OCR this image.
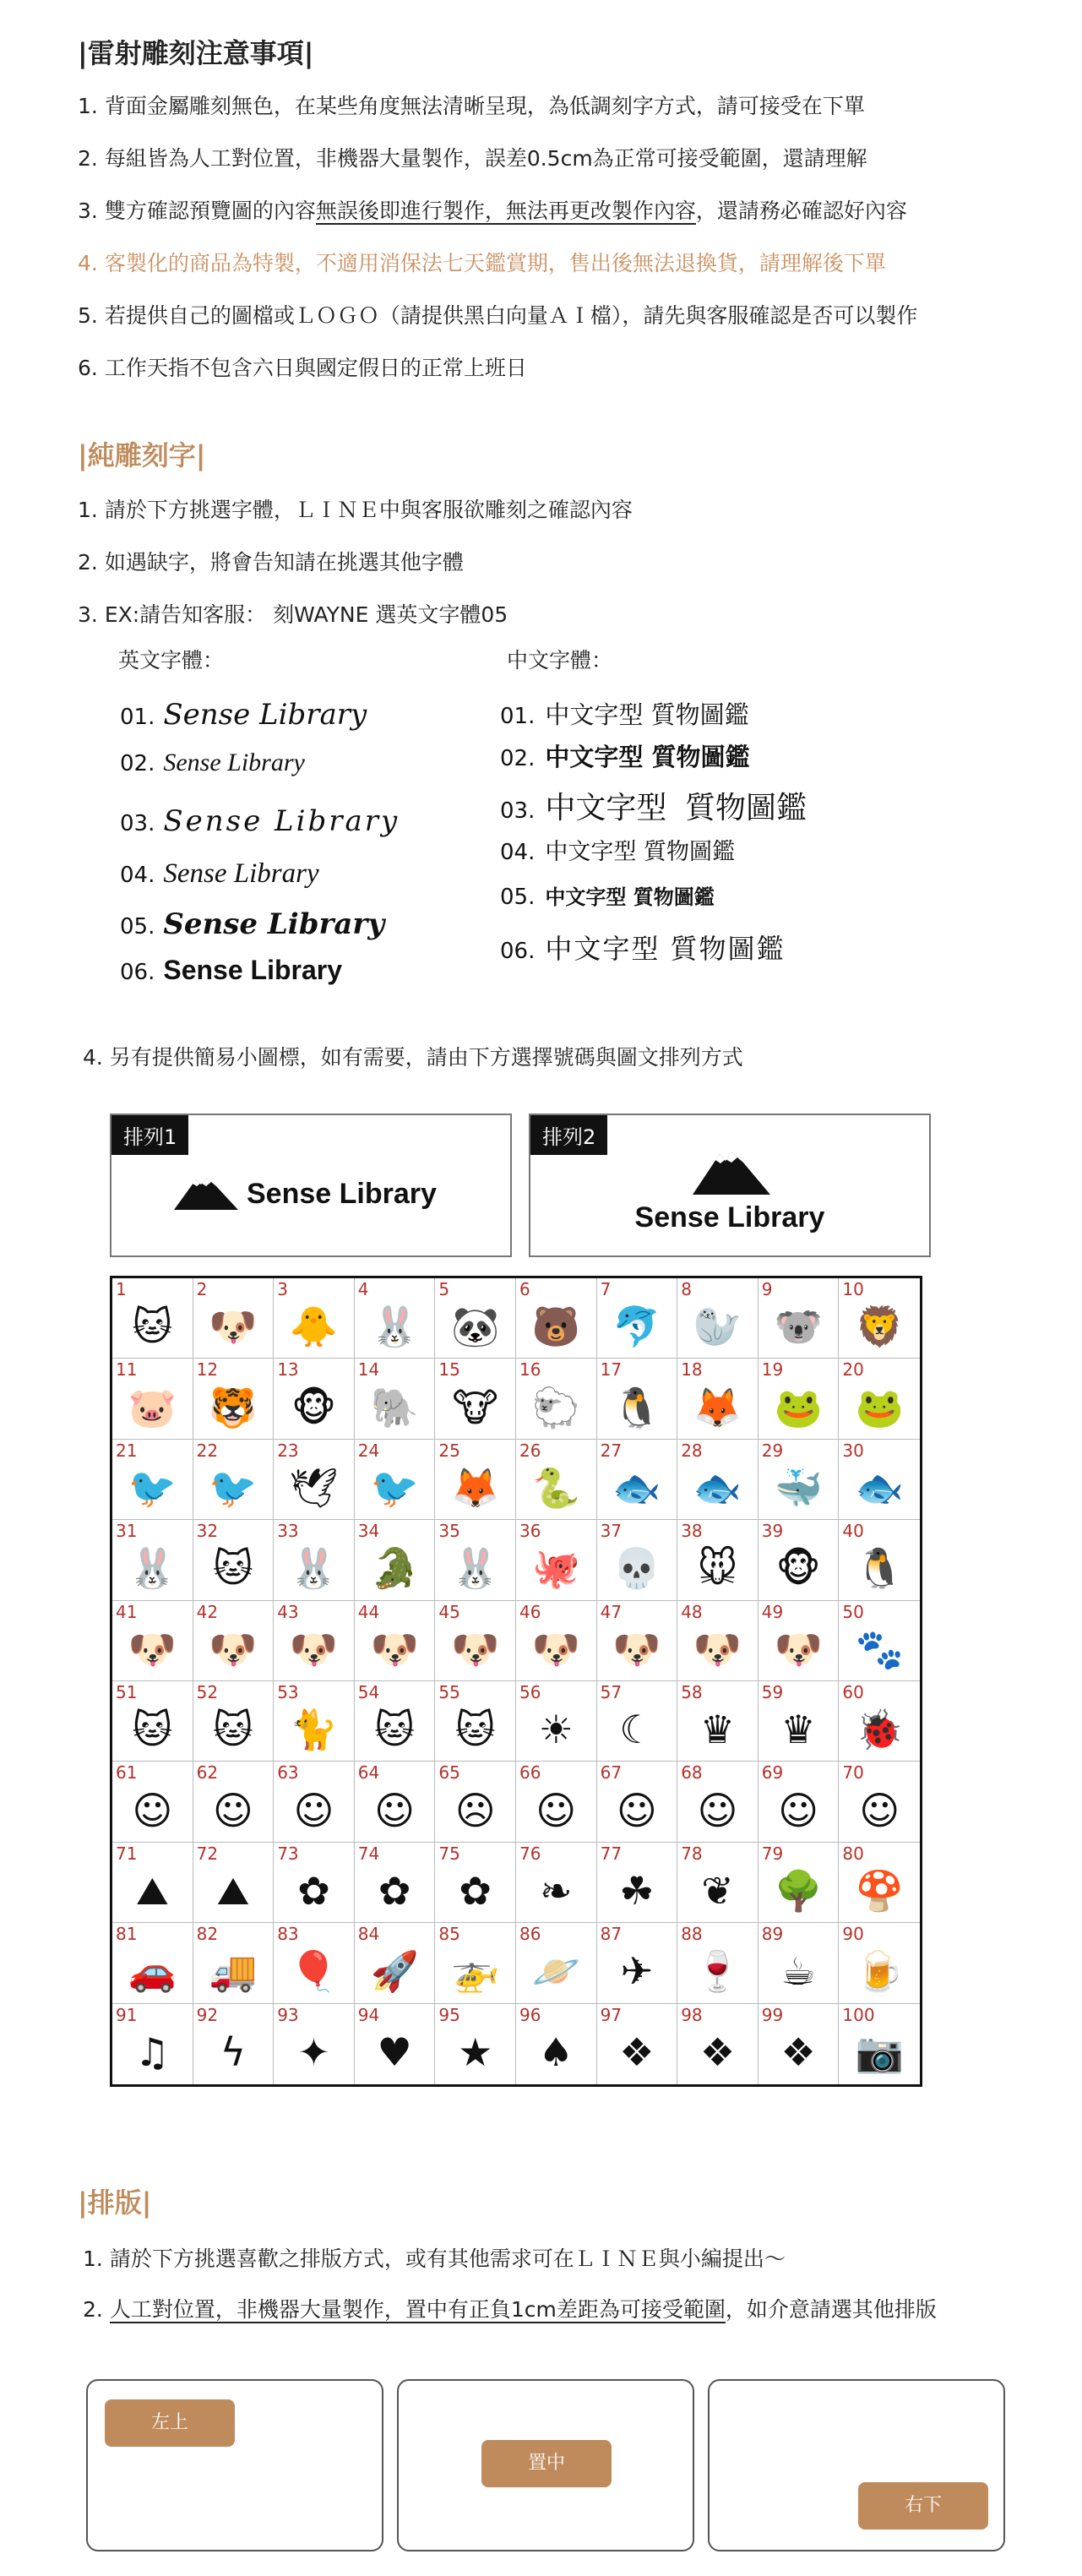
|雷射雕刻注意事項|
1. 背面金屬雕刻無色，在某些角度無法清晰呈現，為低調刻字方式，請可接受在下單
2. 每組皆為人工對位置，非機器大量製作，誤差0.5cm為正常可接受範圍，還請理解
3. 雙方確認預覽圖的內容無誤後即進行製作，無法再更改製作內容，還請務必確認好內容
4. 客製化的商品為特製，不適用消保法七天鑑賞期，售出後無法退換貨，請理解後下單
5. 若提供自己的圖檔或ＬＯＧＯ（請提供黑白向量ＡＩ檔），請先與客服確認是否可以製作
6. 工作天指不包含六日與國定假日的正常上班日
|純雕刻字|
1. 請於下方挑選字體，ＬＩＮＥ中與客服欲雕刻之確認內容
2. 如遇缺字，將會告知請在挑選其他字體
3. EX:請告知客服： 刻WAYNE 選英文字體05
英文字體：	中文字體：
01. Sense Library
02. Sense Library
03. Sense Library
04. Sense Library
05. Sense Library
06. Sense Library
01. 中文字型 質物圖鑑
02. 中文字型 質物圖鑑
03. 中文字型 質物圖鑑
04. 中文字型 質物圖鑑
05. 中文字型 質物圖鑑
06. 中文字型 質物圖鑑
4. 另有提供簡易小圖標，如有需要，請由下方選擇號碼與圖文排列方式
排列1
Sense Library
排列2
Sense Library
1
🐱
2
🐶
3
🐥
4
🐰
5
🐼
6
🐻
7
🐬
8
🦭
9
🐨
10
🦁
11
🐷
12
🐯
13
🐵
14
🐘
15
🐮
16
🐑
17
🐧
18
🦊
19
🐸
20
🐸
21
🐦
22
🐦
23
🕊
24
🐦
25
🦊
26
🐍
27
🐟
28
🐟
29
🐳
30
🐟
31
🐰
32
🐱
33
🐰
34
🐊
35
🐰
36
🐙
37
💀
38
🐭
39
🐵
40
🐧
41
🐶
42
🐶
43
🐶
44
🐶
45
🐶
46
🐶
47
🐶
48
🐶
49
🐶
50
🐾
51
🐱
52
🐱
53
🐈
54
🐱
55
🐱
56
☀
57
☾
58
♛
59
♛
60
🐞
61
☺
62
☺
63
☺
64
☺
65
☹
66
☺
67
☺
68
☺
69
☺
70
☺
71
⛰
72
⛰
73
✿
74
✿
75
✿
76
❧
77
☘
78
❦
79
🌳
80
🍄
81
🚗
82
🚚
83
🎈
84
🚀
85
🚁
86
🪐
87
✈
88
🍷
89
☕
90
🍺
91
♫
92
ϟ
93
✦
94
♥
95
★
96
♠
97
❖
98
❖
99
❖
100
📷
|排版|
1. 請於下方挑選喜歡之排版方式，或有其他需求可在ＬＩＮＥ與小編提出～
2. 人工對位置，非機器大量製作，置中有正負1cm差距為可接受範圍，如介意請選其他排版
左上
置中
右下
